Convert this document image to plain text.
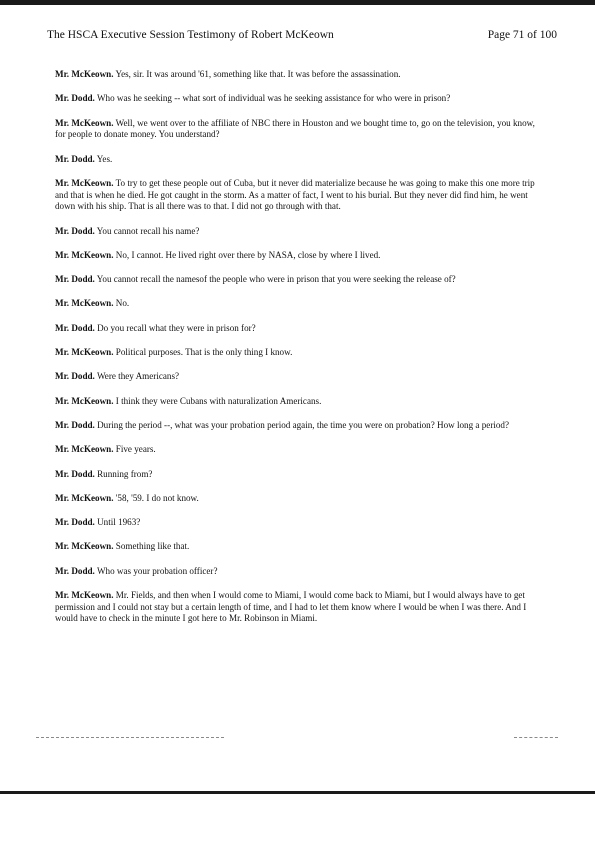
The HSCA Executive Session Testimony of Robert McKeown	Page 71 of 100

Mr. McKeown. Yes, sir. It was around '61, something like that. It was before the assassination.

Mr. Dodd. Who was he seeking -- what sort of individual was he seeking assistance for who were in prison?

Mr. McKeown. Well, we went over to the affiliate of NBC there in Houston and we bought time to, go on the television, you know, for people to donate money. You understand?

Mr. Dodd. Yes.

Mr. McKeown. To try to get these people out of Cuba, but it never did materialize because he was going to make this one more trip and that is when he died. He got caught in the storm. As a matter of fact, I went to his burial. But they never did find him, he went down with his ship. That is all there was to that. I did not go through with that.

Mr. Dodd. You cannot recall his name?

Mr. McKeown. No, I cannot. He lived right over there by NASA, close by where I lived.

Mr. Dodd. You cannot recall the namesof the people who were in prison that you were seeking the release of?

Mr. McKeown. No.

Mr. Dodd. Do you recall what they were in prison for?

Mr. McKeown. Political purposes. That is the only thing I know.

Mr. Dodd. Were they Americans?

Mr. McKeown. I think they were Cubans with naturalization Americans.

Mr. Dodd. During the period --, what was your probation period again, the time you were on probation? How long a period?

Mr. McKeown. Five years.

Mr. Dodd. Running from?

Mr. McKeown. '58, '59. I do not know.

Mr. Dodd. Until 1963?

Mr. McKeown. Something like that.

Mr. Dodd. Who was your probation officer?

Mr. McKeown. Mr. Fields, and then when I would come to Miami, I would come back to Miami, but I would always have to get permission and I could not stay but a certain length of time, and I had to let them know where I would be when I was there. And I would have to check in the minute I got here to Mr. Robinson in Miami.
